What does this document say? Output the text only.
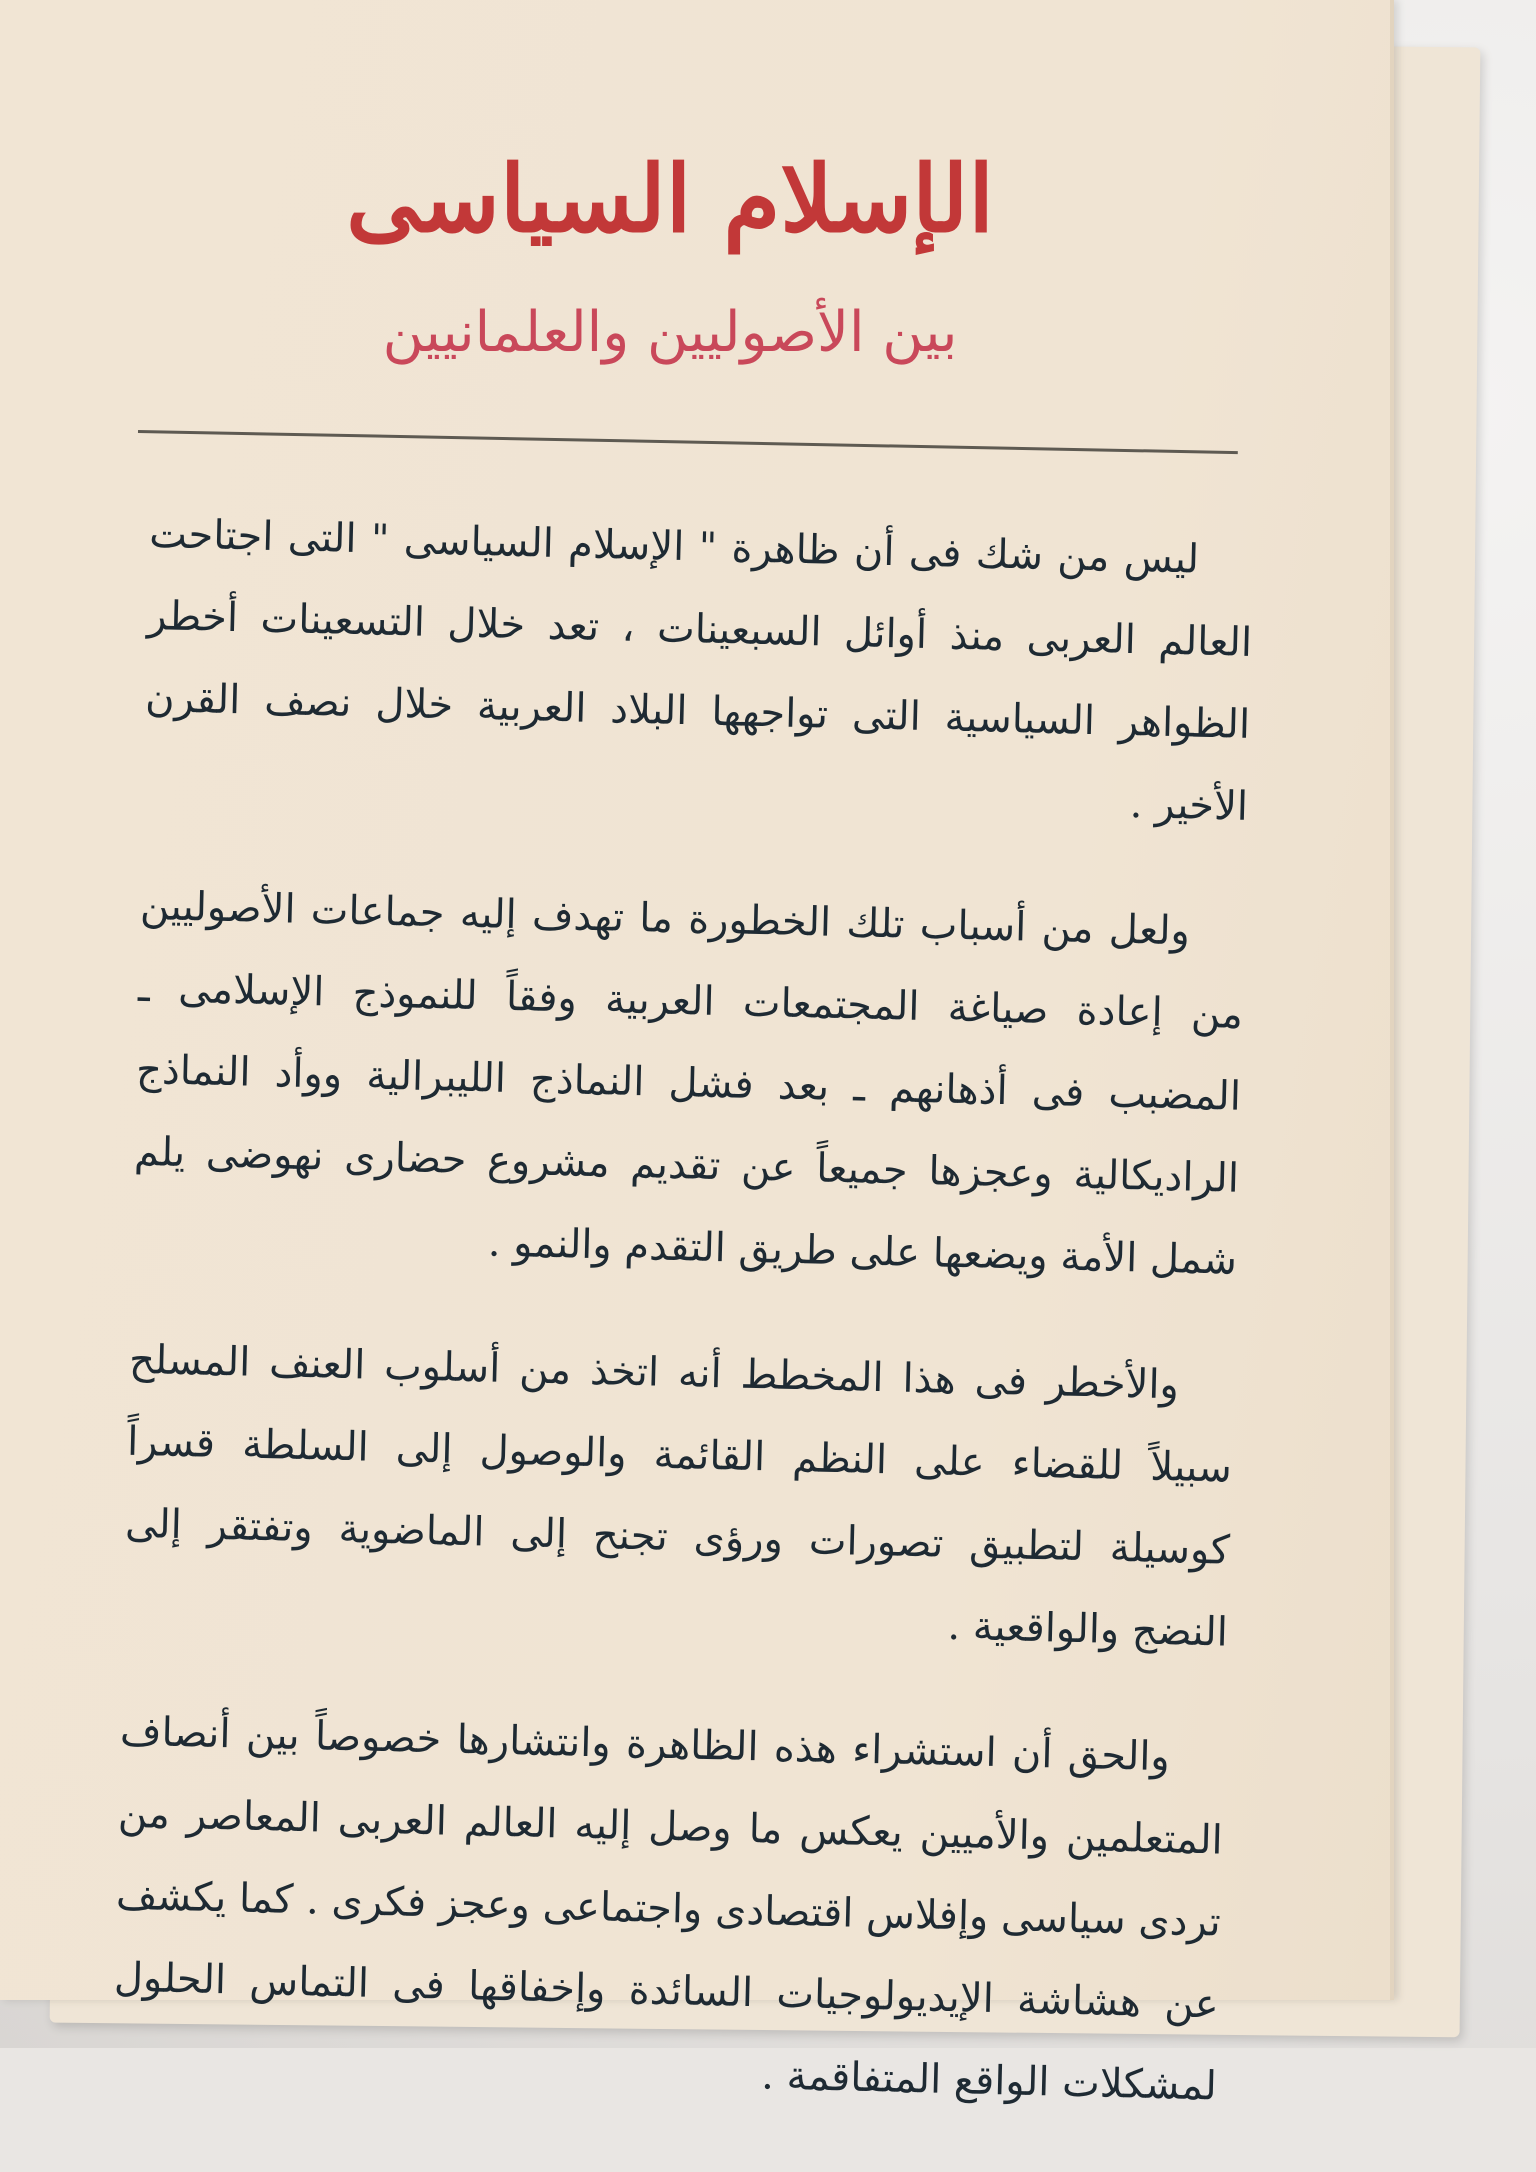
الإسلام السياسى
بين الأصوليين والعلمانيين

ليس من شك فى أن ظاهرة " الإسلام السياسى " التى اجتاحت العالم العربى منذ أوائل السبعينات ، تعد خلال التسعينات أخطر الظواهر السياسية التى تواجهها البلاد العربية خلال نصف القرن الأخير .

ولعل من أسباب تلك الخطورة ما تهدف إليه جماعات الأصوليين من إعادة صياغة المجتمعات العربية وفقاً للنموذج الإسلامى ـ المضبب فى أذهانهم ـ بعد فشل النماذج الليبرالية ووأد النماذج الراديكالية وعجزها جميعاً عن تقديم مشروع حضارى نهوضى يلم شمل الأمة ويضعها على طريق التقدم والنمو .

والأخطر فى هذا المخطط أنه اتخذ من أسلوب العنف المسلح سبيلاً للقضاء على النظم القائمة والوصول إلى السلطة قسراً كوسيلة لتطبيق تصورات ورؤى تجنح إلى الماضوية وتفتقر إلى النضج والواقعية .

والحق أن استشراء هذه الظاهرة وانتشارها خصوصاً بين أنصاف المتعلمين والأميين يعكس ما وصل إليه العالم العربى المعاصر من تردى سياسى وإفلاس اقتصادى واجتماعى وعجز فكرى . كما يكشف عن هشاشة الإيديولوجيات السائدة وإخفاقها فى التماس الحلول لمشكلات الواقع المتفاقمة .
